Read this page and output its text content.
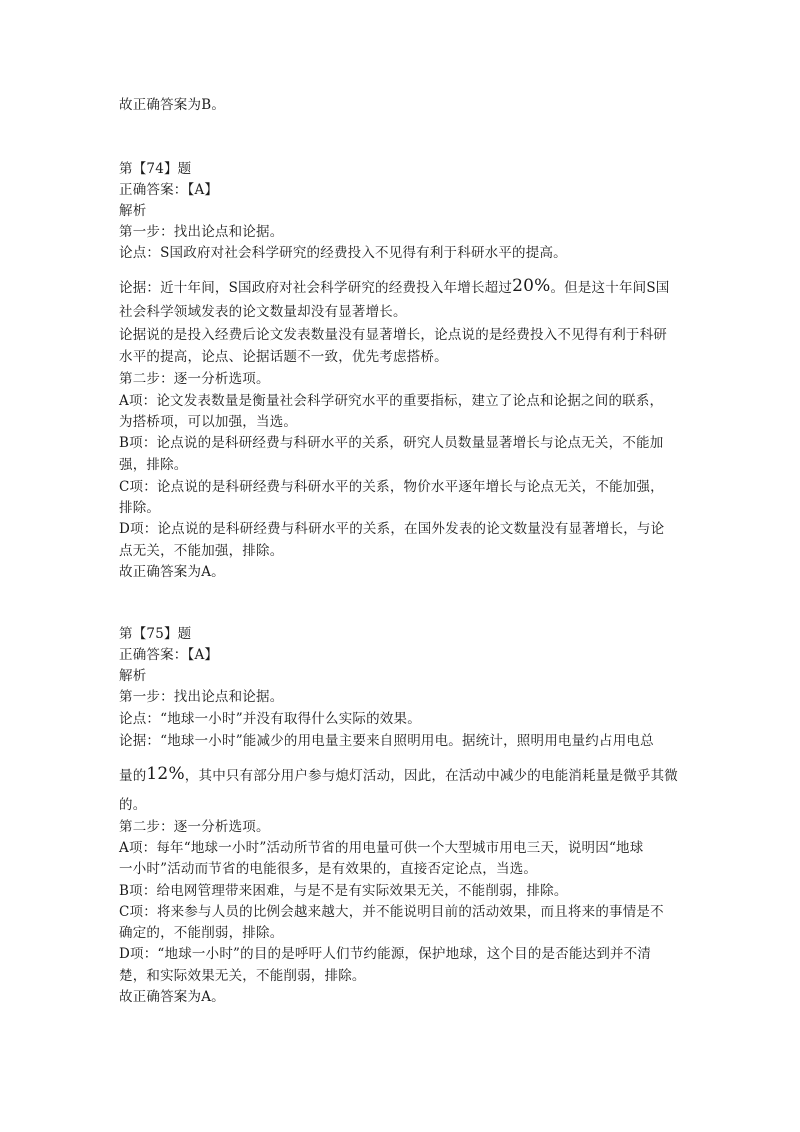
故正确答案为B。
第【74】题
正确答案：【A】
解析
第一步：找出论点和论据。
论点：S国政府对社会科学研究的经费投入不见得有利于科研水平的提高。
论据：近十年间，S国政府对社会科学研究的经费投入年增长超过20%。但是这十年间S国
社会科学领域发表的论文数量却没有显著增长。
论据说的是投入经费后论文发表数量没有显著增长，论点说的是经费投入不见得有利于科研
水平的提高，论点、论据话题不一致，优先考虑搭桥。
第二步：逐一分析选项。
A项：论文发表数量是衡量社会科学研究水平的重要指标，建立了论点和论据之间的联系，
为搭桥项，可以加强，当选。
B项：论点说的是科研经费与科研水平的关系，研究人员数量显著增长与论点无关，不能加
强，排除。
C项：论点说的是科研经费与科研水平的关系，物价水平逐年增长与论点无关，不能加强，
排除。
D项：论点说的是科研经费与科研水平的关系，在国外发表的论文数量没有显著增长，与论
点无关，不能加强，排除。
故正确答案为A。
第【75】题
正确答案：【A】
解析
第一步：找出论点和论据。
论点：“地球一小时”并没有取得什么实际的效果。
论据：“地球一小时”能减少的用电量主要来自照明用电。据统计，照明用电量约占用电总
量的12%，其中只有部分用户参与熄灯活动，因此，在活动中减少的电能消耗量是微乎其微
的。
第二步：逐一分析选项。
A项：每年“地球一小时”活动所节省的用电量可供一个大型城市用电三天，说明因“地球
一小时”活动而节省的电能很多，是有效果的，直接否定论点，当选。
B项：给电网管理带来困难，与是不是有实际效果无关，不能削弱，排除。
C项：将来参与人员的比例会越来越大，并不能说明目前的活动效果，而且将来的事情是不
确定的，不能削弱，排除。
D项：“地球一小时”的目的是呼吁人们节约能源，保护地球，这个目的是否能达到并不清
楚，和实际效果无关，不能削弱，排除。
故正确答案为A。
